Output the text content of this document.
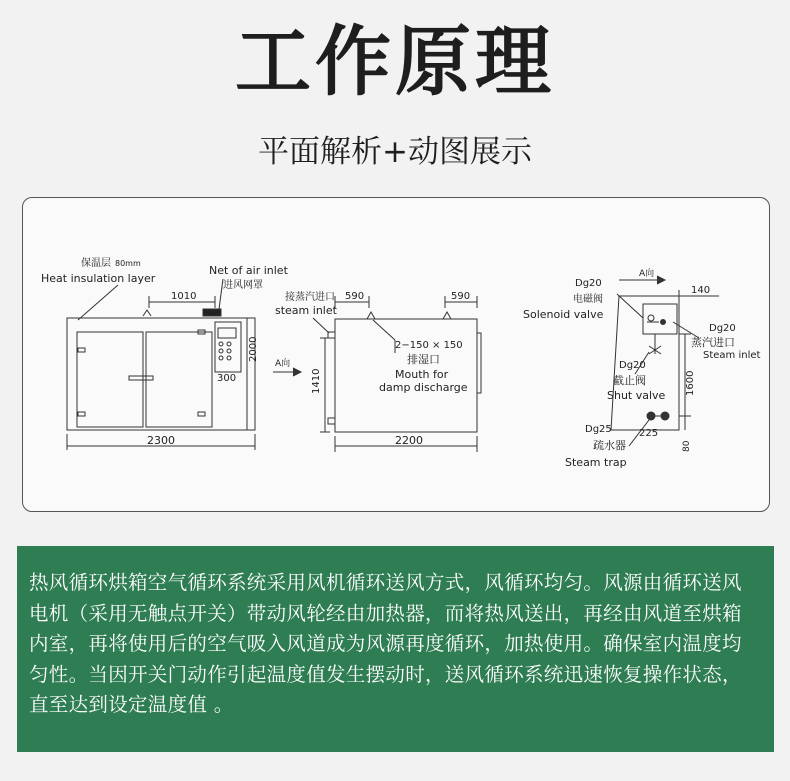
工作原理
平面解析+动图展示
保温层 80mm
Heat insulation layer
Net of air inlet
进风网罩
1010
2300
2000
300
A向
接蒸汽进口
steam inlet
590	590
2−150 × 150
排湿口
Mouth for
damp discharge
1410
2200
A向
140
Dg20
电磁阀
Solenoid valve
Dg20
蒸汽进口
Steam inlet
Dg20
截止阀
Shut valve 1600
225
80
Dg25
疏水器
Steam trap
热风循环烘箱空气循环系统采用风机循环送风方式，风循环均匀。风源由循环送风电机（采用无触点开关）带动风轮经由加热器，而将热风送出，再经由风道至烘箱内室，再将使用后的空气吸入风道成为风源再度循环，加热使用。确保室内温度均匀性。当因开关门动作引起温度值发生摆动时，送风循环系统迅速恢复操作状态，直至达到设定温度值 。
